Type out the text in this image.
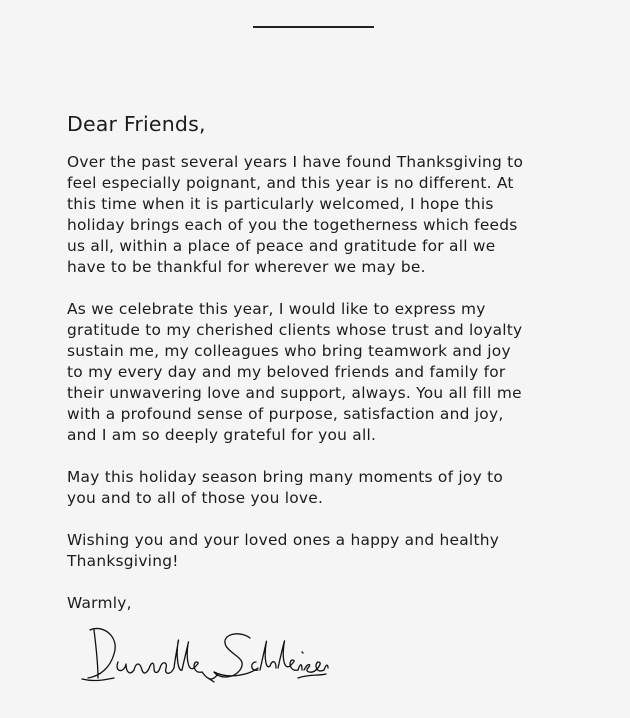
Dear Friends,

Over the past several years I have found Thanksgiving to
feel especially poignant, and this year is no different. At
this time when it is particularly welcomed, I hope this
holiday brings each of you the togetherness which feeds
us all, within a place of peace and gratitude for all we
have to be thankful for wherever we may be.

As we celebrate this year, I would like to express my
gratitude to my cherished clients whose trust and loyalty
sustain me, my colleagues who bring teamwork and joy
to my every day and my beloved friends and family for
their unwavering love and support, always. You all fill me
with a profound sense of purpose, satisfaction and joy,
and I am so deeply grateful for you all.

May this holiday season bring many moments of joy to
you and to all of those you love.

Wishing you and your loved ones a happy and healthy
Thanksgiving!

Warmly,
